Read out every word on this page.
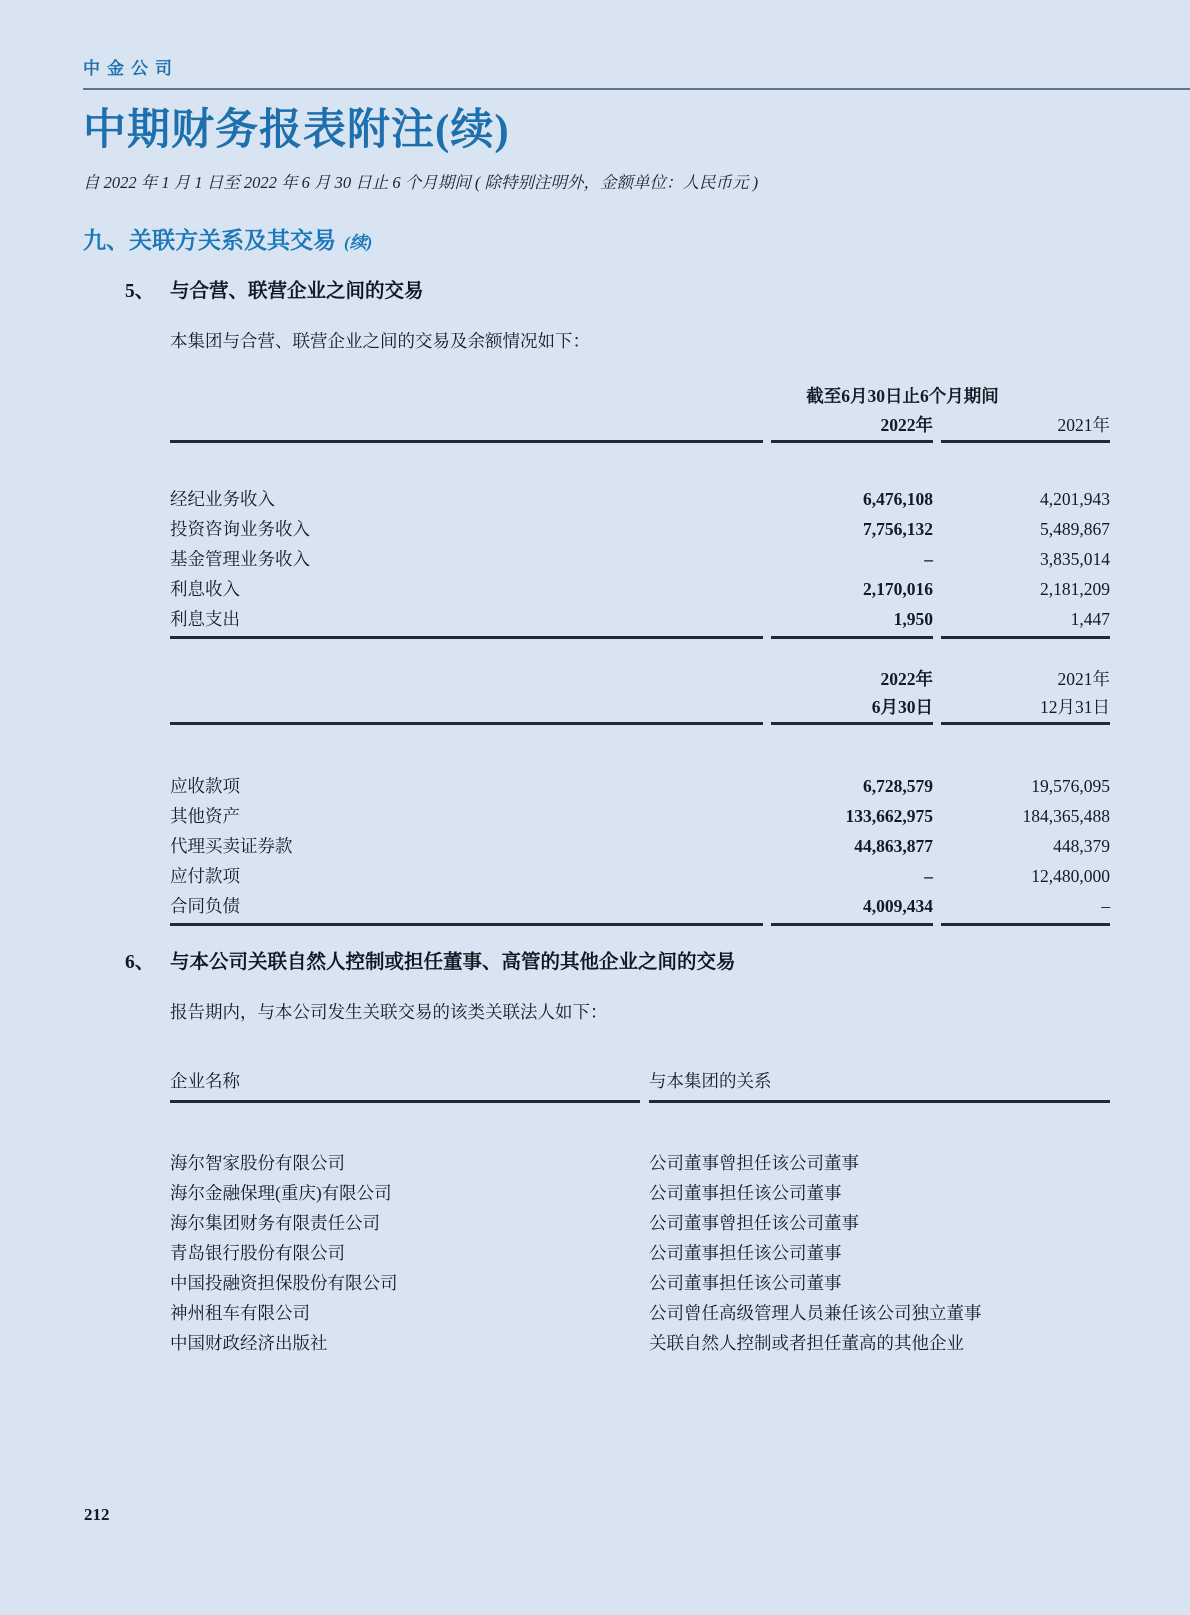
中金公司
中期财务报表附注(续)
自 2022 年 1 月 1 日至 2022 年 6 月 30 日止 6 个月期间 ( 除特别注明外，金额单位：人民币元 )
九、关联方关系及其交易 (续)
5、 与合营、联营企业之间的交易
本集团与合营、联营企业之间的交易及余额情况如下：
截至6月30日止6个月期间
2022年	2021年
经纪业务收入	6,476,108	4,201,943
投资咨询业务收入	7,756,132	5,489,867
基金管理业务收入	–	3,835,014
利息收入	2,170,016	2,181,209
利息支出	1,950	1,447
2022年	2021年
6月30日	12月31日
应收款项	6,728,579	19,576,095
其他资产	133,662,975	184,365,488
代理买卖证券款	44,863,877	448,379
应付款项	–	12,480,000
合同负债	4,009,434	–
6、 与本公司关联自然人控制或担任董事、高管的其他企业之间的交易
报告期内，与本公司发生关联交易的该类关联法人如下：
企业名称	与本集团的关系
海尔智家股份有限公司	公司董事曾担任该公司董事
海尔金融保理(重庆)有限公司	公司董事担任该公司董事
海尔集团财务有限责任公司	公司董事曾担任该公司董事
青岛银行股份有限公司	公司董事担任该公司董事
中国投融资担保股份有限公司	公司董事担任该公司董事
神州租车有限公司	公司曾任高级管理人员兼任该公司独立董事
中国财政经济出版社	关联自然人控制或者担任董高的其他企业
212
